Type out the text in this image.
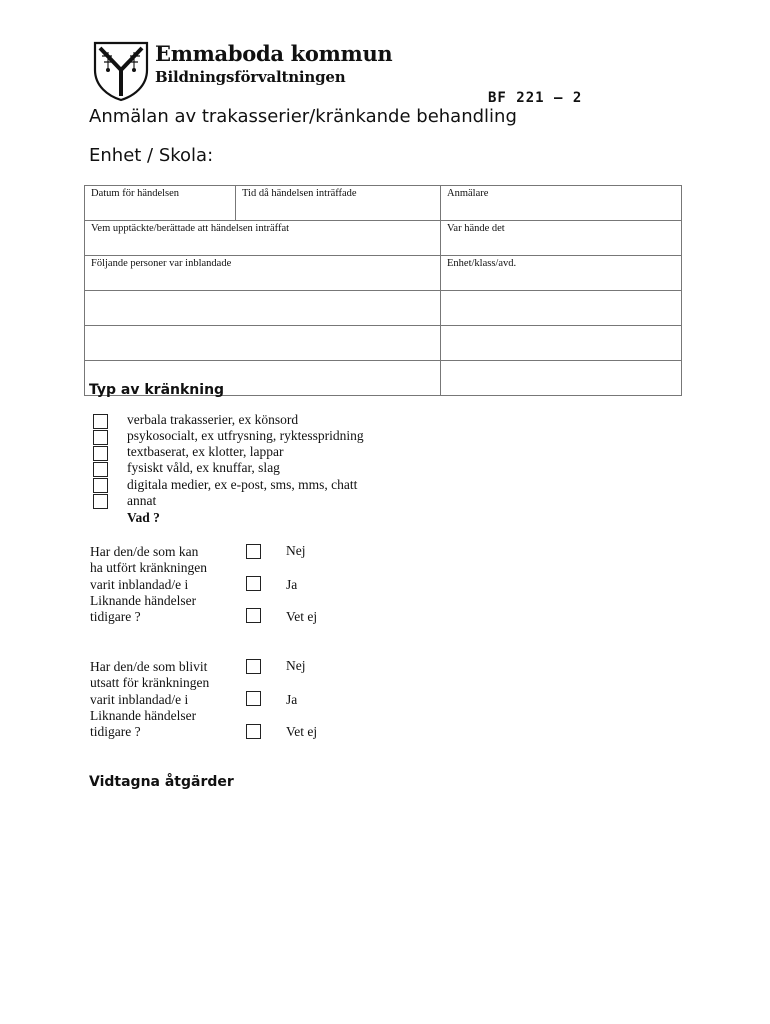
Emmaboda kommun
Bildningsförvaltningen
BF 221 – 2
Anmälan av trakasserier/kränkande behandling
Enhet / Skola:
Datum för händelsen	Tid då händelsen inträffade	Anmälare
Vem upptäckte/berättade att händelsen inträffat		Var hände det
Följande personer var inblandade		Enhet/klass/avd.

Typ av kränkning
verbala trakasserier, ex könsord
psykosocialt, ex utfrysning, ryktesspridning
textbaserat, ex klotter, lappar
fysiskt våld, ex knuffar, slag
digitala medier, ex e-post, sms, mms, chatt
annat
Vad ?
Har den/de som kan
ha utfört kränkningen
varit inblandad/e i
Liknande händelser
tidigare ?
Nej
Ja
Vet ej
Har den/de som blivit
utsatt för kränkningen
varit inblandad/e i
Liknande händelser
tidigare ?
Nej
Ja
Vet ej
Vidtagna åtgärder
